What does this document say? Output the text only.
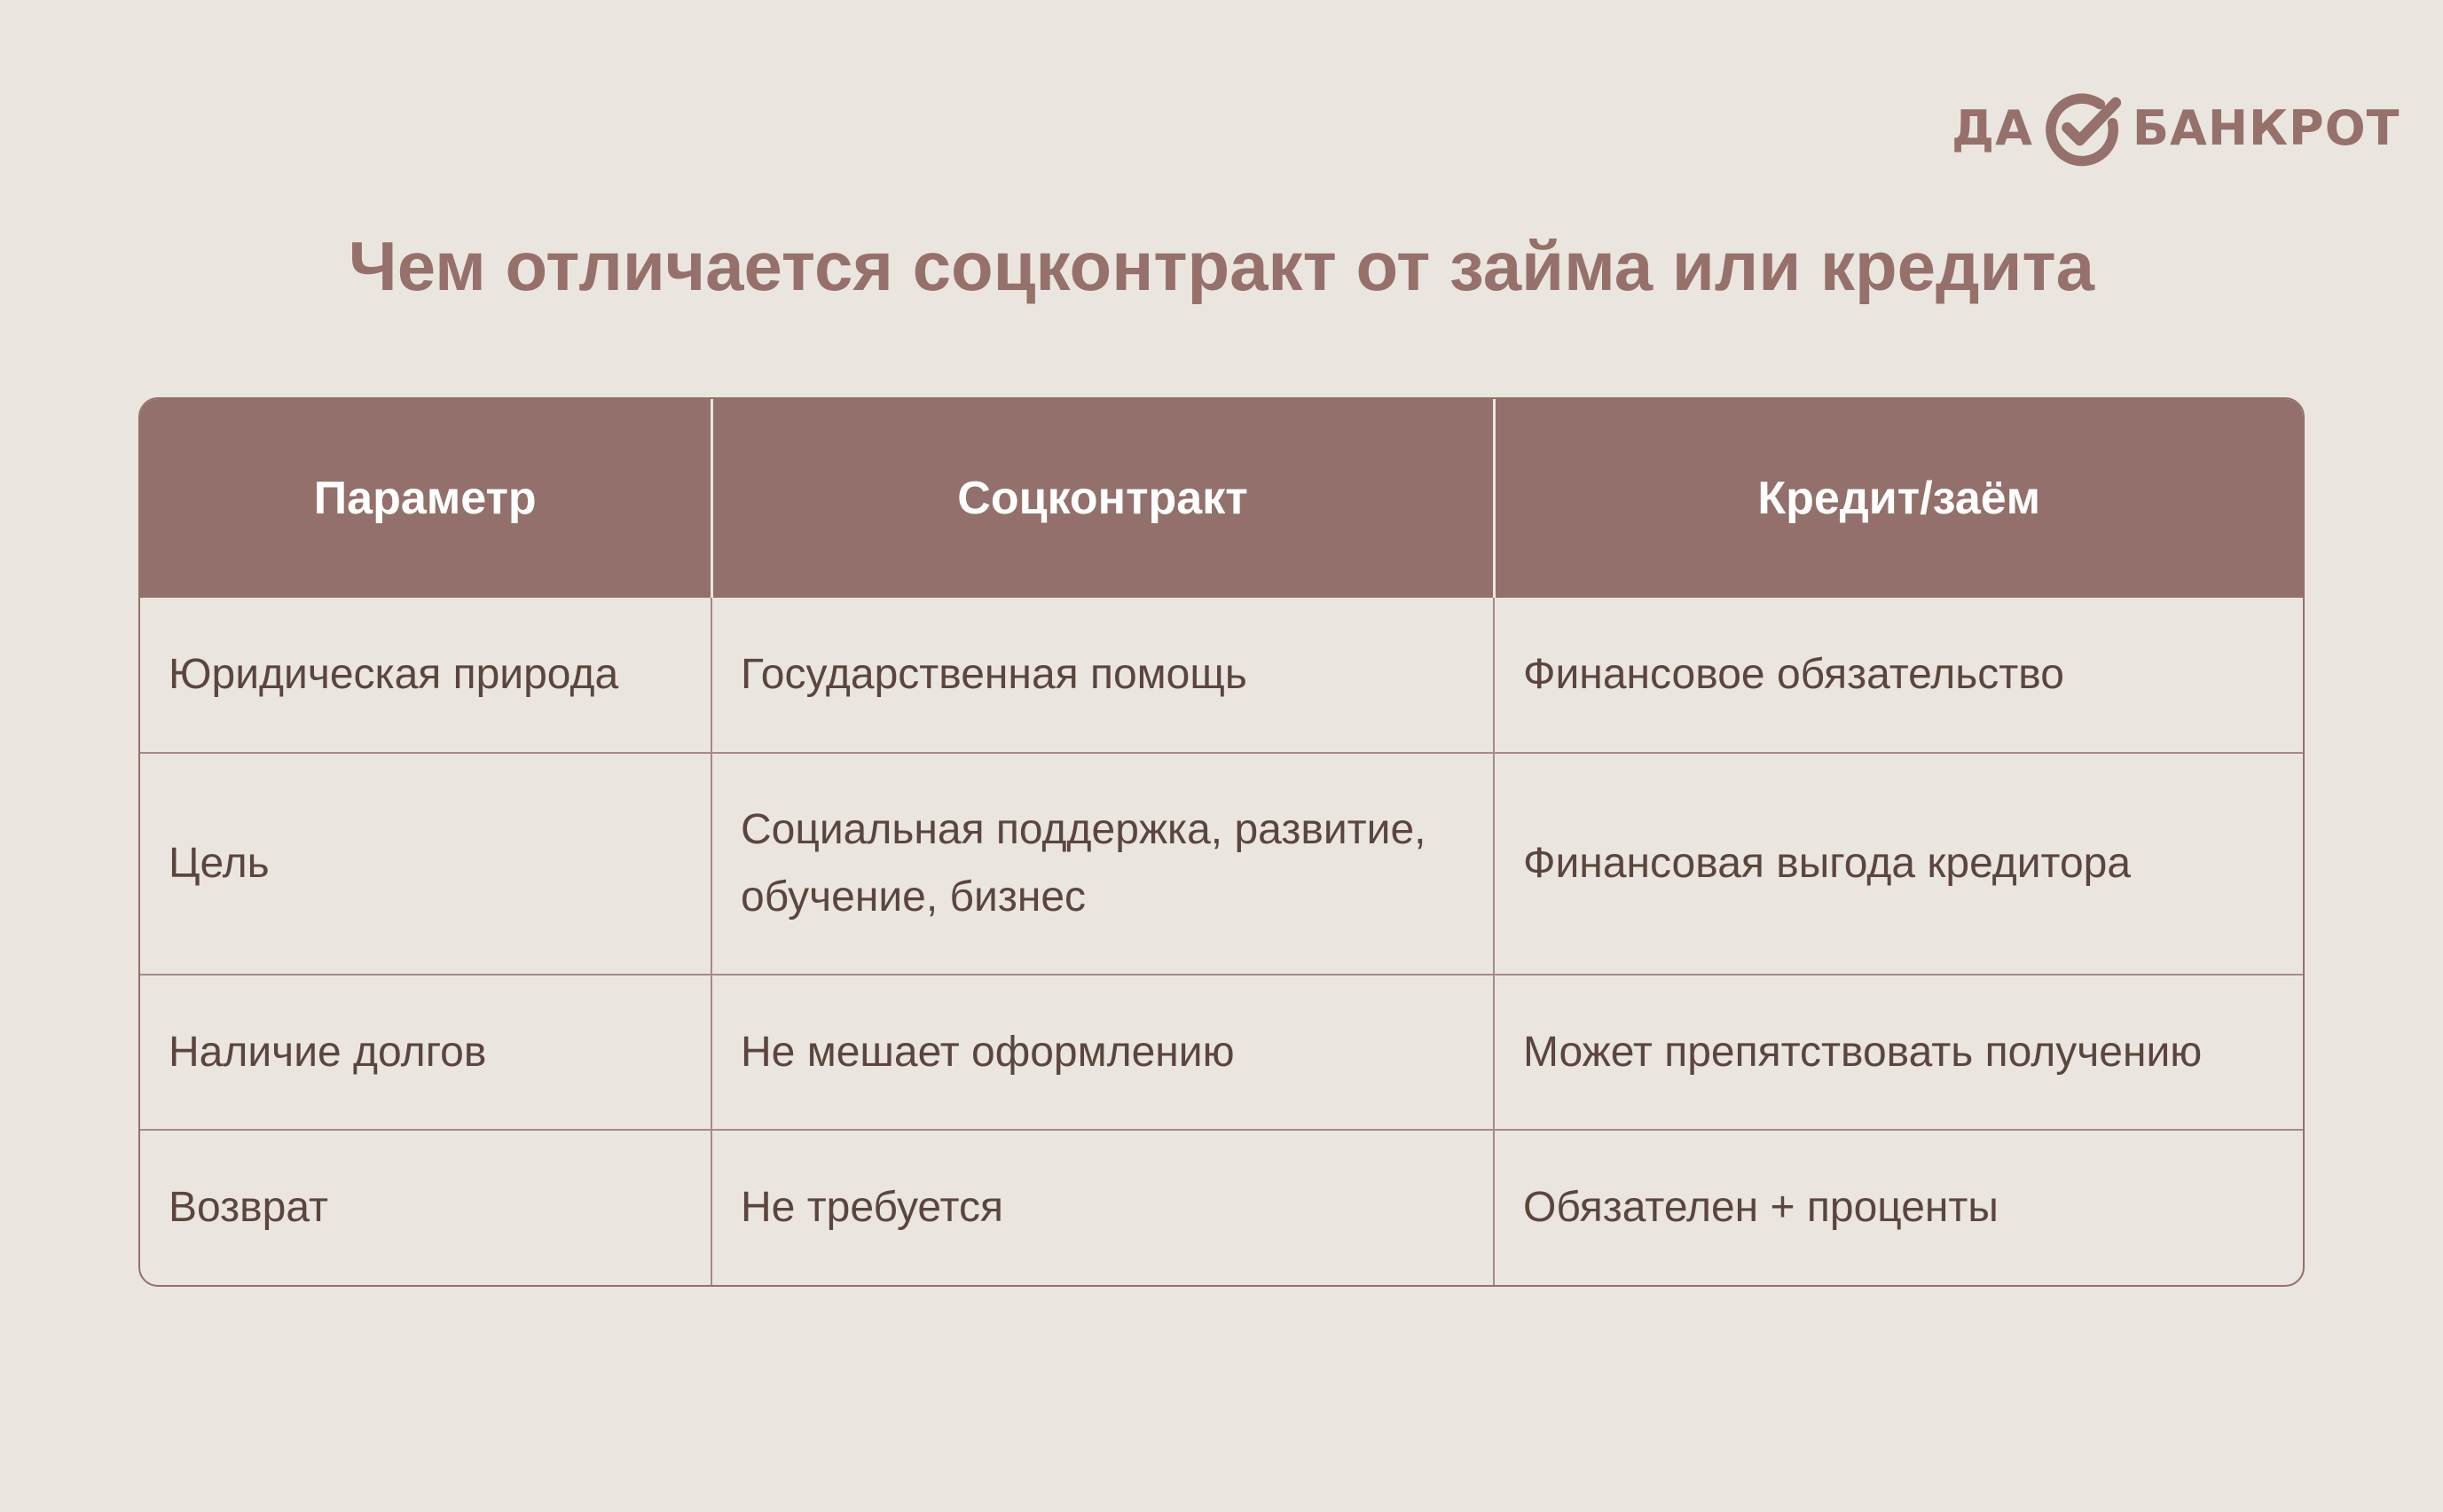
ДА БАНКРОТ
Чем отличается соцконтракт от займа или кредита
Параметр	Соцконтракт	Кредит/заём
Юридическая природа	Государственная помощь	Финансовое обязательство
Цель	Социальная поддержка, развитие, обучение, бизнес	Финансовая выгода кредитора
Наличие долгов	Не мешает оформлению	Может препятствовать получению
Возврат	Не требуется	Обязателен + проценты
